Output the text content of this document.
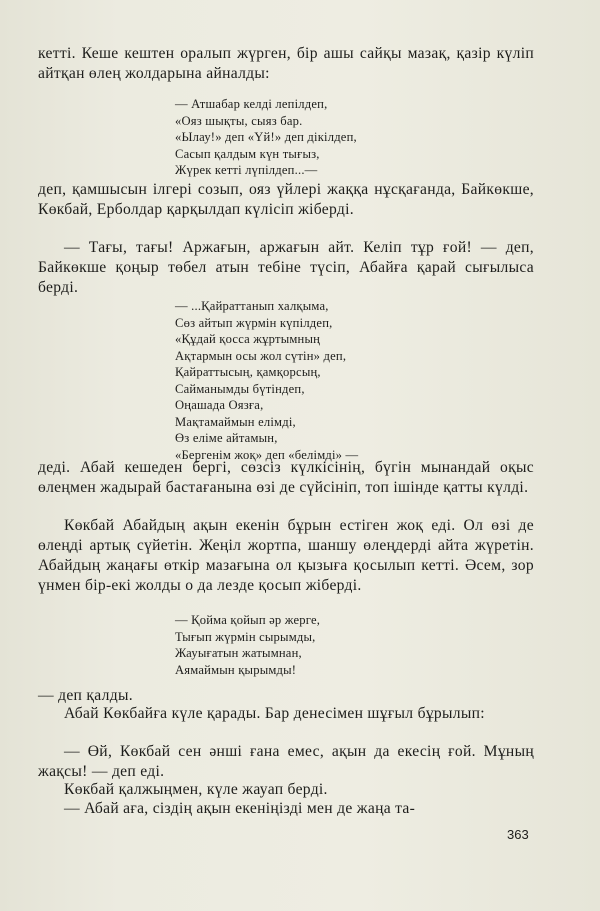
кетті. Кеше кештен оралып жүрген, бір ашы сайқы мазақ, қазір күліп айтқан өлең жолдарына айналды:

— Атшабар келді лепілдеп,
«Ояз шықты, сыяз бар.
«Ылау!» деп «Үй!» деп дікілдеп,
Сасып қалдым күн тығыз,
Жүрек кетті лүпілдеп...—

деп, қамшысын ілгері созып, ояз үйлері жаққа нұсқағанда, Байкөкше, Көкбай, Ерболдар қарқылдап күлісіп жіберді.

— Тағы, тағы! Аржағын, аржағын айт. Келіп тұр ғой! — деп, Байкөкше қоңыр төбел атын тебіне түсіп, Абайға қарай сығылыса берді.

— ...Қайраттанып халқыма,
Сөз айтып жүрмін күпілдеп,
«Құдай қосса жұртымның
Ақтармын осы жол сүтін» деп,
Қайраттысың, қамқорсың,
Сайманымды бүтіндеп,
Оңашада Оязға,
Мақтамаймын елімді,
Өз еліме айтамын,
«Бергенім жоқ» деп «белімді» —

деді. Абай кешеден бергі, сөзсіз күлкісінің, бүгін мынандай оқыс өлеңмен жадырай бастағанына өзі де сүйсініп, топ ішінде қатты күлді.

Көкбай Абайдың ақын екенін бұрын естіген жоқ еді. Ол өзі де өлеңді артық сүйетін. Жеңіл жортпа, шаншу өлеңдерді айта жүретін. Абайдың жаңағы өткір мазағына ол қызыға қосылып кетті. Әсем, зор үнмен бір-екі жолды о да лезде қосып жіберді.

— Қойма қойып әр жерге,
Тығып жүрмін сырымды,
Жауығатын жатымнан,
Аямаймын қырымды!

— деп қалды.

Абай Көкбайға күле қарады. Бар денесімен шұғыл бұрылып:

— Өй, Көкбай сен әнші ғана емес, ақын да екесің ғой. Мұның жақсы! — деп еді.

Көкбай қалжыңмен, күле жауап берді.

— Абай аға, сіздің ақын екеніңізді мен де жаңа та-

363
